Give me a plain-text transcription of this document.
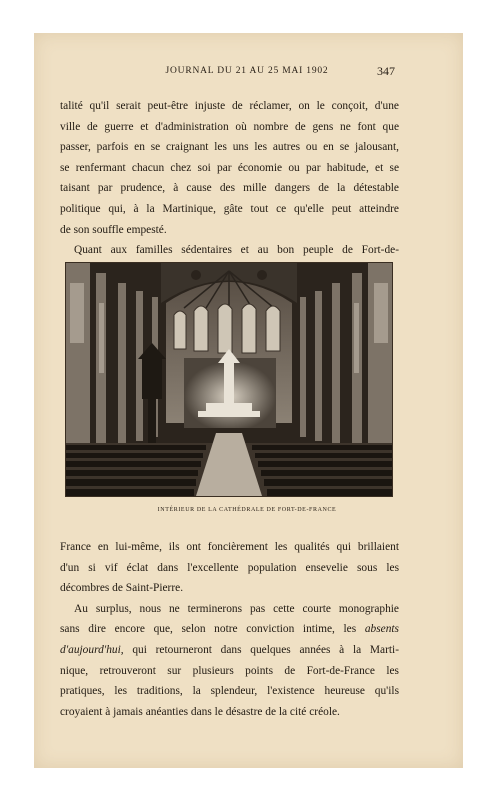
JOURNAL DU 21 AU 25 MAI 1902	347
talité qu'il serait peut-être injuste de réclamer, on le conçoit, d'une
ville de guerre et d'administration où nombre de gens ne font que
passer, parfois en se craignant les uns les autres ou en se jalousant,
se renfermant chacun chez soi par économie ou par habitude, et se
taisant par prudence, à cause des mille dangers de la détestable
politique qui, à la Martinique, gâte tout ce qu'elle peut atteindre
de son souffle empesté.
Quant aux familles sédentaires et au bon peuple de Fort-de-
INTÉRIEUR DE LA CATHÉDRALE DE FORT-DE-FRANCE
France en lui-même, ils ont foncièrement les qualités qui brillaient
d'un si vif éclat dans l'excellente population ensevelie sous les
décombres de Saint-Pierre.
Au surplus, nous ne terminerons pas cette courte monographie
sans dire encore que, selon notre conviction intime, les absents
d'aujourd'hui, qui retourneront dans quelques années à la Marti-
nique, retrouveront sur plusieurs points de Fort-de-France les
pratiques, les traditions, la splendeur, l'existence heureuse qu'ils
croyaient à jamais anéanties dans le désastre de la cité créole.
